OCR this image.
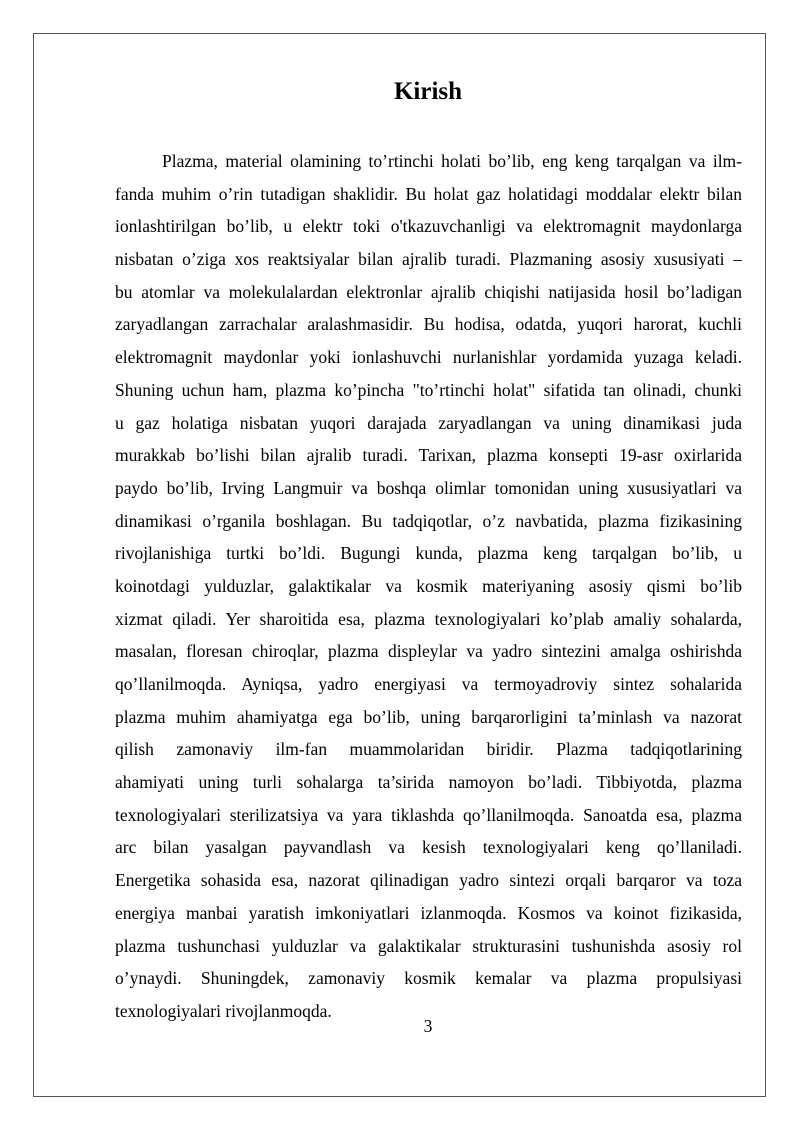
Kirish
Plazma, material olamining to’rtinchi holati bo’lib, eng keng tarqalgan va ilm-
fanda muhim o’rin tutadigan shaklidir. Bu holat gaz holatidagi moddalar elektr bilan
ionlashtirilgan bo’lib, u elektr toki o'tkazuvchanligi va elektromagnit maydonlarga
nisbatan o’ziga xos reaktsiyalar bilan ajralib turadi. Plazmaning asosiy xususiyati –
bu atomlar va molekulalardan elektronlar ajralib chiqishi natijasida hosil bo’ladigan
zaryadlangan zarrachalar aralashmasidir. Bu hodisa, odatda, yuqori harorat, kuchli
elektromagnit maydonlar yoki ionlashuvchi nurlanishlar yordamida yuzaga keladi.
Shuning uchun ham, plazma ko’pincha "to’rtinchi holat" sifatida tan olinadi, chunki
u gaz holatiga nisbatan yuqori darajada zaryadlangan va uning dinamikasi juda
murakkab bo’lishi bilan ajralib turadi. Tarixan, plazma konsepti 19-asr oxirlarida
paydo bo’lib, Irving Langmuir va boshqa olimlar tomonidan uning xususiyatlari va
dinamikasi o’rganila boshlagan. Bu tadqiqotlar, o’z navbatida, plazma fizikasining
rivojlanishiga turtki bo’ldi. Bugungi kunda, plazma keng tarqalgan bo’lib, u
koinotdagi yulduzlar, galaktikalar va kosmik materiyaning asosiy qismi bo’lib
xizmat qiladi. Yer sharoitida esa, plazma texnologiyalari ko’plab amaliy sohalarda,
masalan, floresan chiroqlar, plazma displeylar va yadro sintezini amalga oshirishda
qo’llanilmoqda. Ayniqsa, yadro energiyasi va termoyadroviy sintez sohalarida
plazma muhim ahamiyatga ega bo’lib, uning barqarorligini ta’minlash va nazorat
qilish zamonaviy ilm-fan muammolaridan biridir. Plazma tadqiqotlarining
ahamiyati uning turli sohalarga ta’sirida namoyon bo’ladi. Tibbiyotda, plazma
texnologiyalari sterilizatsiya va yara tiklashda qo’llanilmoqda. Sanoatda esa, plazma
arc bilan yasalgan payvandlash va kesish texnologiyalari keng qo’llaniladi.
Energetika sohasida esa, nazorat qilinadigan yadro sintezi orqali barqaror va toza
energiya manbai yaratish imkoniyatlari izlanmoqda. Kosmos va koinot fizikasida,
plazma tushunchasi yulduzlar va galaktikalar strukturasini tushunishda asosiy rol
o’ynaydi. Shuningdek, zamonaviy kosmik kemalar va plazma propulsiyasi
texnologiyalari rivojlanmoqda.
3
